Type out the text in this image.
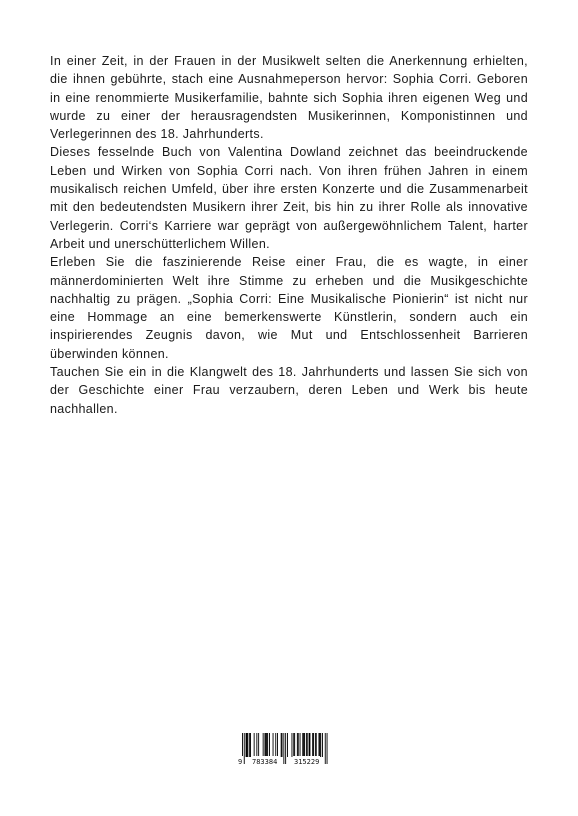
In einer Zeit, in der Frauen in der Musikwelt selten die Anerkennung erhielten, die ihnen gebührte, stach eine Ausnahmeperson hervor: Sophia Corri. Geboren in eine renommierte Musikerfamilie, bahnte sich Sophia ihren eigenen Weg und wurde zu einer der herausragendsten Musikerinnen, Komponistinnen und Verlegerinnen des 18. Jahrhunderts.

Dieses fesselnde Buch von Valentina Dowland zeichnet das beeindruckende Leben und Wirken von Sophia Corri nach. Von ihren frühen Jahren in einem musikalisch reichen Umfeld, über ihre ersten Konzerte und die Zusammenarbeit mit den bedeutendsten Musikern ihrer Zeit, bis hin zu ihrer Rolle als innovative Verlegerin. Corri‘s Karriere war geprägt von außergewöhnlichem Talent, harter Arbeit und unerschütterlichem Willen.

Erleben Sie die faszinierende Reise einer Frau, die es wagte, in einer männerdominierten Welt ihre Stimme zu erheben und die Musikgeschichte nachhaltig zu prägen. „Sophia Corri: Eine Musikalische Pionierin“ ist nicht nur eine Hommage an eine bemerkenswerte Künstlerin, sondern auch ein inspirierendes Zeugnis davon, wie Mut und Entschlossenheit Barrieren überwinden können.

Tauchen Sie ein in die Klangwelt des 18. Jahrhunderts und lassen Sie sich von der Geschichte einer Frau verzaubern, deren Leben und Werk bis heute nachhallen.

9 783384 315229
